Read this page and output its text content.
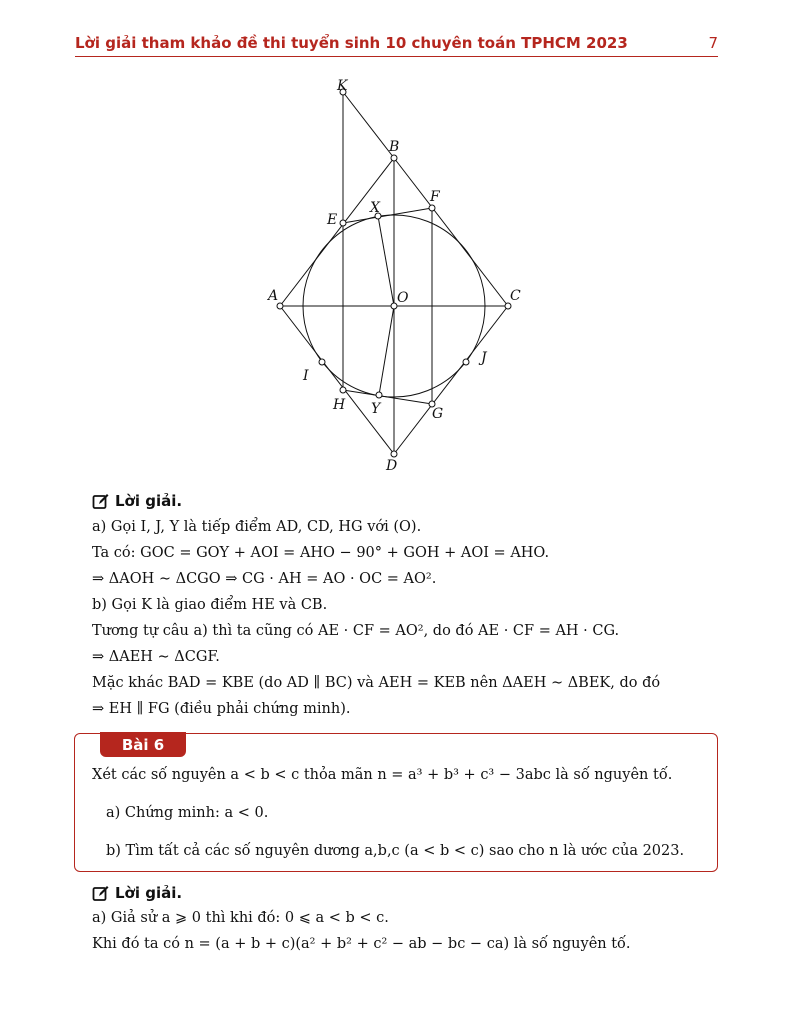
Lời giải tham khảo đề thi tuyển sinh 10 chuyên toán TPHCM 2023	7
K
B
F
E
X
A	O	C
I
J
H Y	G
D
Lời giải.
a) Gọi I, J, Y là tiếp điểm AD, CD, HG với (O).
Ta có: GOC = GOY + AOI = AHO − 90° + GOH + AOI = AHO.
⇒ ΔAOH ∼ ΔCGO ⇒ CG · AH = AO · OC = AO².
b) Gọi K là giao điểm HE và CB.
Tương tự câu a) thì ta cũng có AE · CF = AO², do đó AE · CF = AH · CG.
⇒ ΔAEH ∼ ΔCGF.
Mặc khác BAD = KBE (do AD ∥ BC) và AEH = KEB nên ΔAEH ∼ ΔBEK, do đó
⇒ EH ∥ FG (điều phải chứng minh).
Bài 6
Xét các số nguyên a < b < c thỏa mãn n = a³ + b³ + c³ − 3abc là số nguyên tố.
a) Chứng minh: a < 0.
b) Tìm tất cả các số nguyên dương a,b,c (a < b < c) sao cho n là ước của 2023.
Lời giải.
a) Giả sử a ⩾ 0 thì khi đó: 0 ⩽ a < b < c.
Khi đó ta có n = (a + b + c)(a² + b² + c² − ab − bc − ca) là số nguyên tố.
